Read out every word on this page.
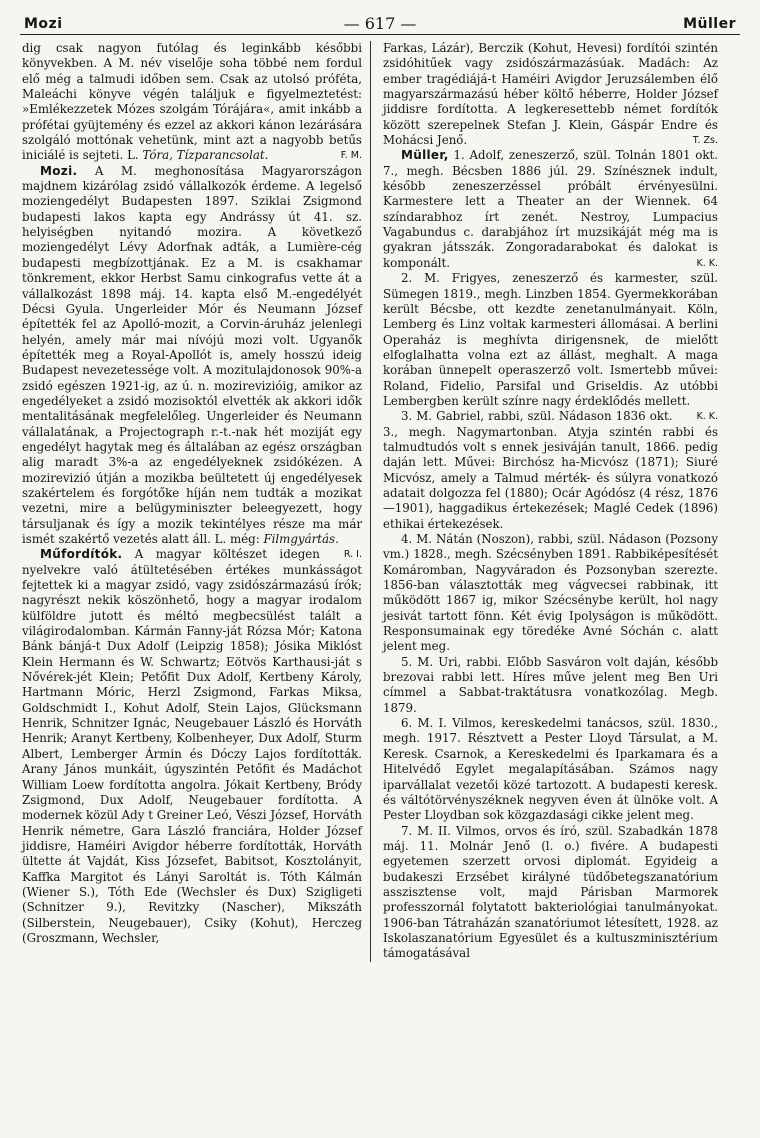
Mozi	— 617 —	Müller

dig csak nagyon futólag és leginkább későbbi könyvekben. A M. név viselője soha többé nem fordul elő még a talmudi időben sem. Csak az utolsó próféta, Maleáchi könyve végén találjuk e figyelmeztetést: »Emlékezzetek Mózes szolgám Tórájára«, amit inkább a prófétai gyüjtemény és ezzel az akkori kánon lezárására szolgáló mottónak vehetünk, mint azt a nagyobb betűs iniciálé is sejteti. L. Tóra, Tízparancsolat.	F. M.

Mozi. A M. meghonosítása Magyarországon majdnem kizárólag zsidó vállalkozók érdeme. A legelső moziengedélyt Budapesten 1897. Sziklai Zsigmond budapesti lakos kapta egy Andrássy út 41. sz. helyiségben nyitandó mozira. A következő moziengedélyt Lévy Adorfnak adták, a Lumière-cég budapesti megbízottjának. Ez a M. is csakhamar tönkrement, ekkor Herbst Samu cinkografus vette át a vállalkozást 1898 máj. 14. kapta első M.-engedélyét Décsi Gyula. Ungerleider Mór és Neumann József építették fel az Apolló-mozit, a Corvin-áruház jelenlegi helyén, amely már mai nívójú mozi volt. Ugyanők építették meg a Royal-Apollót is, amely hosszú ideig Budapest nevezetessége volt. A mozitulajdonosok 90%-a zsidó egészen 1921-ig, az ú. n. mozirevizióig, amikor az engedélyeket a zsidó mozisoktól elvették ak akkori idők mentalitásának megfelelőleg. Ungerleider és Neumann vállalatának, a Projectograph r.-t.-nak hét moziját egy engedélyt hagytak meg és általában az egész országban alig maradt 3%-a az engedélyeknek zsidókézen. A mozirevizió útján a mozikba beültetett új engedélyesek szakértelem és forgótőke híján nem tudták a mozikat vezetni, mire a belügyminiszter beleegyezett, hogy társuljanak és így a mozik tekintélyes része ma már ismét szakértő vezetés alatt áll. L. még: Filmgyártás.
R. I.

Műfordítók. A magyar költészet idegen nyelvekre való átültetésében értékes munkásságot fejtettek ki a magyar zsidó, vagy zsidószármazású írók; nagyrészt nekik köszönhető, hogy a magyar irodalom külföldre jutott és méltó megbecsülést talált a világirodalomban. Kármán Fanny-ját Rózsa Mór; Katona Bánk bánjá-t Dux Adolf (Leipzig 1858); Jósika Miklóst Klein Hermann és W. Schwartz; Eötvös Karthausi-ját s Nővérek-jét Klein; Petőfit Dux Adolf, Kertbeny Károly, Hartmann Móric, Herzl Zsigmond, Farkas Miksa, Goldschmidt I., Kohut Adolf, Stein Lajos, Glücksmann Henrik, Schnitzer Ignác, Neugebauer László és Horváth Henrik; Aranyt Kertbeny, Kolbenheyer, Dux Adolf, Sturm Albert, Lemberger Ármin és Dóczy Lajos fordították. Arany János munkáit, úgyszintén Petőfit és Madáchot William Loew fordította angolra. Jókait Kertbeny, Bródy Zsigmond, Dux Adolf, Neugebauer fordította. A modernek közül Ady t Greiner Leó, Vészi József, Horváth Henrik németre, Gara László franciára, Holder József jiddisre, Haméiri Avigdor héberre fordították, Horváth ültette át Vajdát, Kiss Józsefet, Babitsot, Kosztolányit, Kaffka Margitot és Lányi Saroltát is. Tóth Kálmán (Wiener S.), Tóth Ede (Wechsler és Dux) Szigligeti (Schnitzer 9.), Revitzky (Nascher), Mikszáth (Silberstein, Neugebauer), Csiky (Kohut), Herczeg (Groszmann, Wechsler,

Farkas, Lázár), Berczik (Kohut, Hevesi) fordítói szintén zsidóhitűek vagy zsidószármazásúak. Madách: Az ember tragédiájá-t Haméiri Avigdor Jeruzsálemben élő magyarszármazású héber költő héberre, Holder József jiddisre fordította. A legkeresettebb német fordítók között szerepelnek Stefan J. Klein, Gáspár Endre és Mohácsi Jenő.	T. Zs.

Müller, 1. Adolf, zeneszerző, szül. Tolnán 1801 okt. 7., megh. Bécsben 1886 júl. 29. Színésznek indult, később zeneszerzéssel próbált érvényesülni. Karmestere lett a Theater an der Wiennek. 64 színdarabhoz írt zenét. Nestroy, Lumpacius Vagabundus c. darabjához írt muzsikáját még ma is gyakran játsszák. Zongoradarabokat és dalokat is komponált.	K. K.

2. M. Frigyes, zeneszerző és karmester, szül. Sümegen 1819., megh. Linzben 1854. Gyermekkorában került Bécsbe, ott kezdte zenetanulmányait. Köln, Lemberg és Linz voltak karmesteri állomásai. A berlini Operaház is meghívta dirigensnek, de mielőtt elfoglalhatta volna ezt az állást, meghalt. A maga korában ünnepelt operaszerző volt. Ismertebb művei: Roland, Fidelio, Parsifal und Griseldis. Az utóbbi Lembergben került színre nagy érdeklődés mellett.
K. K.

3. M. Gabriel, rabbi, szül. Nádason 1836 okt. 3., megh. Nagymartonban. Atyja szintén rabbi és talmudtudós volt s ennek jesiváján tanult, 1866. pedig daján lett. Művei: Birchósz ha-Micvósz (1871); Siuré Micvósz, amely a Talmud mérték- és súlyra vonatkozó adatait dolgozza fel (1880); Ocár Agódósz (4 rész, 1876—1901), haggadikus értekezések; Maglé Cedek (1896) ethikai értekezések.

4. M. Nátán (Noszon), rabbi, szül. Nádason (Pozsony vm.) 1828., megh. Szécsényben 1891. Rabbiképesítését Komáromban, Nagyváradon és Pozsonyban szerezte. 1856-ban választották meg vágvecsei rabbinak, itt működött 1867 ig, mikor Szécsénybe került, hol nagy jesivát tartott fönn. Két évig Ipolyságon is működött. Responsumainak egy töredéke Avné Sóchán c. alatt jelent meg.

5. M. Uri, rabbi. Előbb Sasváron volt daján, később brezovai rabbi lett. Híres műve jelent meg Ben Uri címmel a Sabbat-traktátusra vonatkozólag. Megb. 1879.

6. M. I. Vilmos, kereskedelmi tanácsos, szül. 1830., megh. 1917. Résztvett a Pester Lloyd Társulat, a M. Keresk. Csarnok, a Kereskedelmi és Iparkamara és a Hitelvédő Egylet megalapításában. Számos nagy iparvállalat vezetői közé tartozott. A budapesti keresk. és váltótörvényszéknek negyven éven át ülnöke volt. A Pester Lloydban sok közgazdasági cikke jelent meg.

7. M. II. Vilmos, orvos és író, szül. Szabadkán 1878 máj. 11. Molnár Jenő (l. o.) fivére. A budapesti egyetemen szerzett orvosi diplomát. Egyideig a budakeszi Erzsébet királyné tüdőbetegszanatórium asszisztense volt, majd Párisban Marmorek professzornál folytatott bakteriológiai tanulmányokat. 1906-ban Tátraházán szanatóriumot létesített, 1928. az Iskolaszanatórium Egyesület és a kultuszminisztérium támogatásával
